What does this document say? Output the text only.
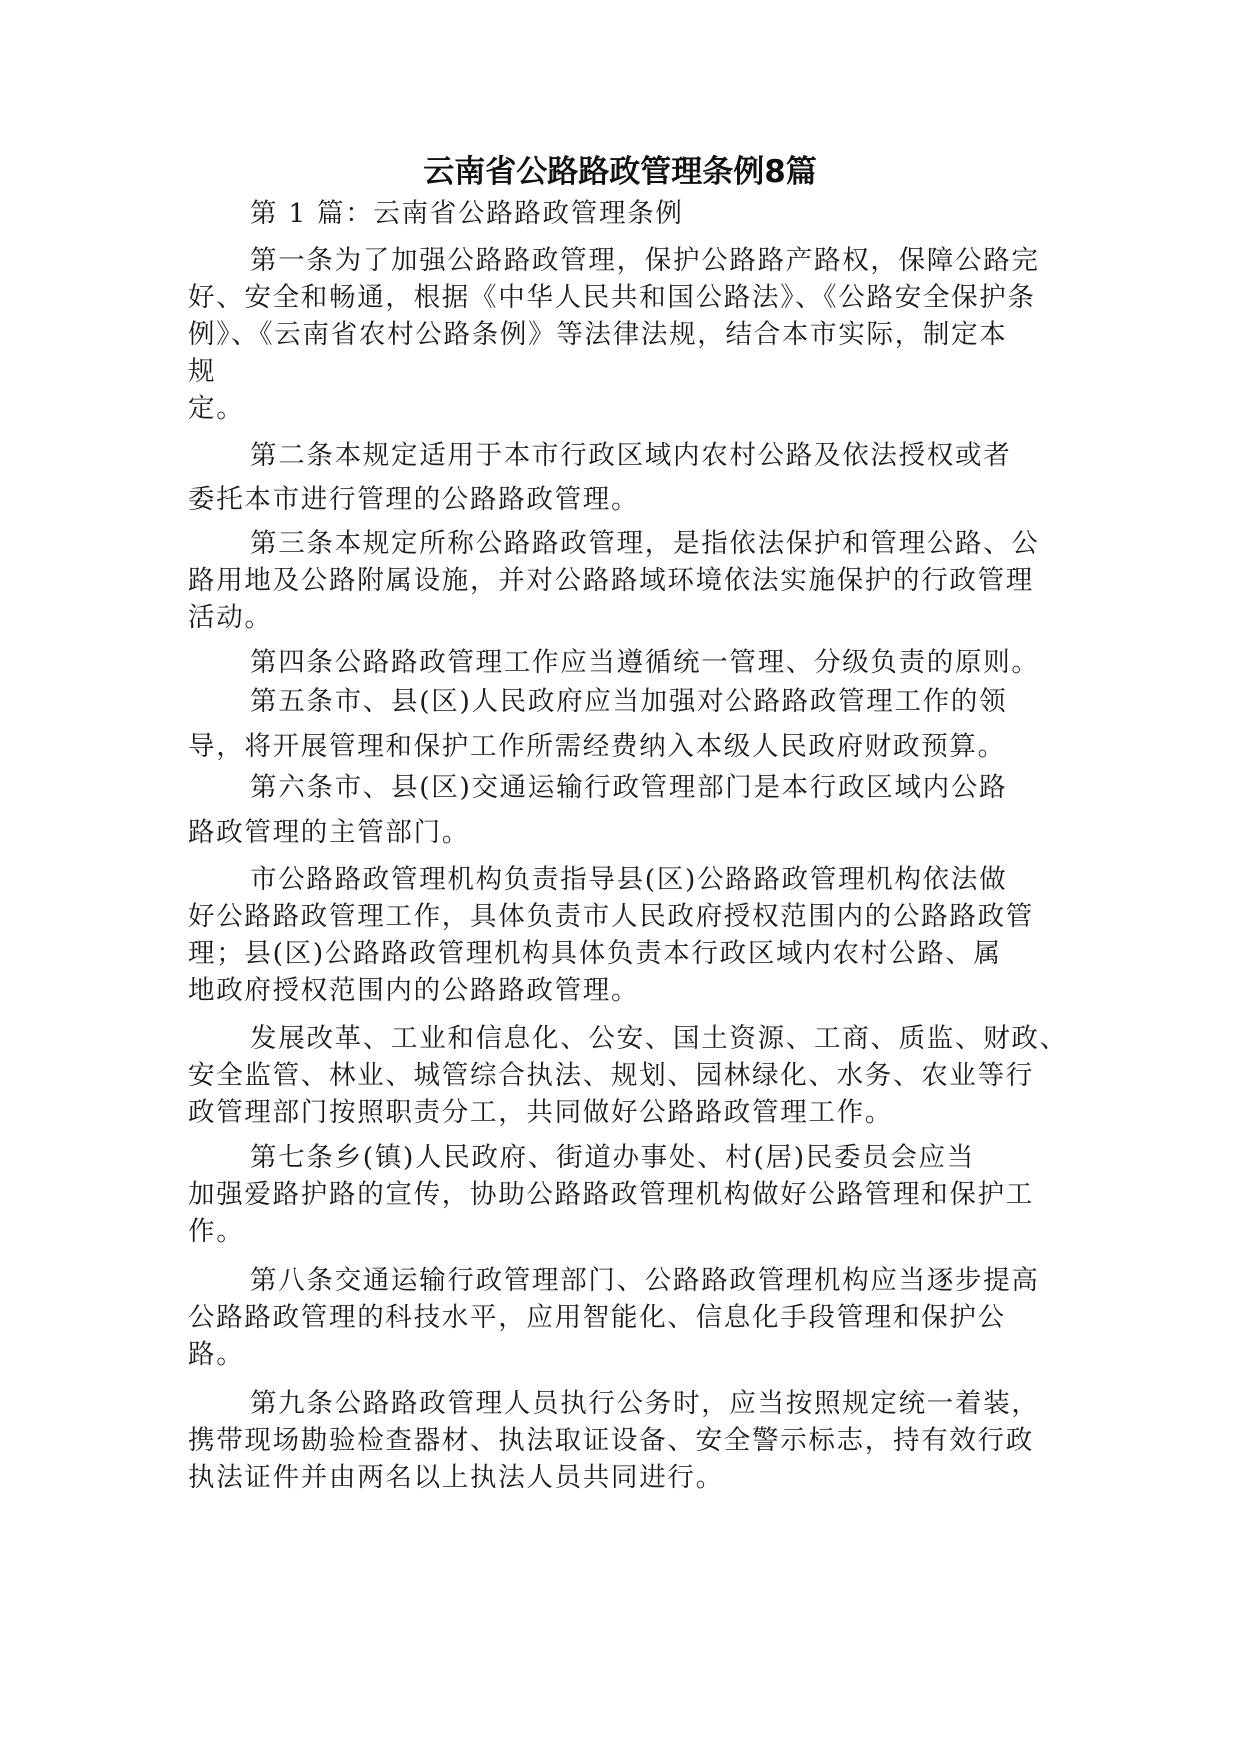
云南省公路路政管理条例8篇
第 1 篇：云南省公路路政管理条例
第一条为了加强公路路政管理，保护公路路产路权，保障公路完
好、安全和畅通，根据《中华人民共和国公路法》、《公路安全保护条
例》、《云南省农村公路条例》等法律法规，结合本市实际，制定本
规
定。
第二条本规定适用于本市行政区域内农村公路及依法授权或者
委托本市进行管理的公路路政管理。
第三条本规定所称公路路政管理，是指依法保护和管理公路、公
路用地及公路附属设施，并对公路路域环境依法实施保护的行政管理
活动。
第四条公路路政管理工作应当遵循统一管理、分级负责的原则。
第五条市、县(区)人民政府应当加强对公路路政管理工作的领
导，将开展管理和保护工作所需经费纳入本级人民政府财政预算。
第六条市、县(区)交通运输行政管理部门是本行政区域内公路
路政管理的主管部门。
市公路路政管理机构负责指导县(区)公路路政管理机构依法做
好公路路政管理工作，具体负责市人民政府授权范围内的公路路政管
理；县(区)公路路政管理机构具体负责本行政区域内农村公路、属
地政府授权范围内的公路路政管理。
发展改革、工业和信息化、公安、国土资源、工商、质监、财政、
安全监管、林业、城管综合执法、规划、园林绿化、水务、农业等行
政管理部门按照职责分工，共同做好公路路政管理工作。
第七条乡(镇)人民政府、街道办事处、村(居)民委员会应当
加强爱路护路的宣传，协助公路路政管理机构做好公路管理和保护工
作。
第八条交通运输行政管理部门、公路路政管理机构应当逐步提高
公路路政管理的科技水平，应用智能化、信息化手段管理和保护公
路。
第九条公路路政管理人员执行公务时，应当按照规定统一着装，
携带现场勘验检查器材、执法取证设备、安全警示标志，持有效行政
执法证件并由两名以上执法人员共同进行。
